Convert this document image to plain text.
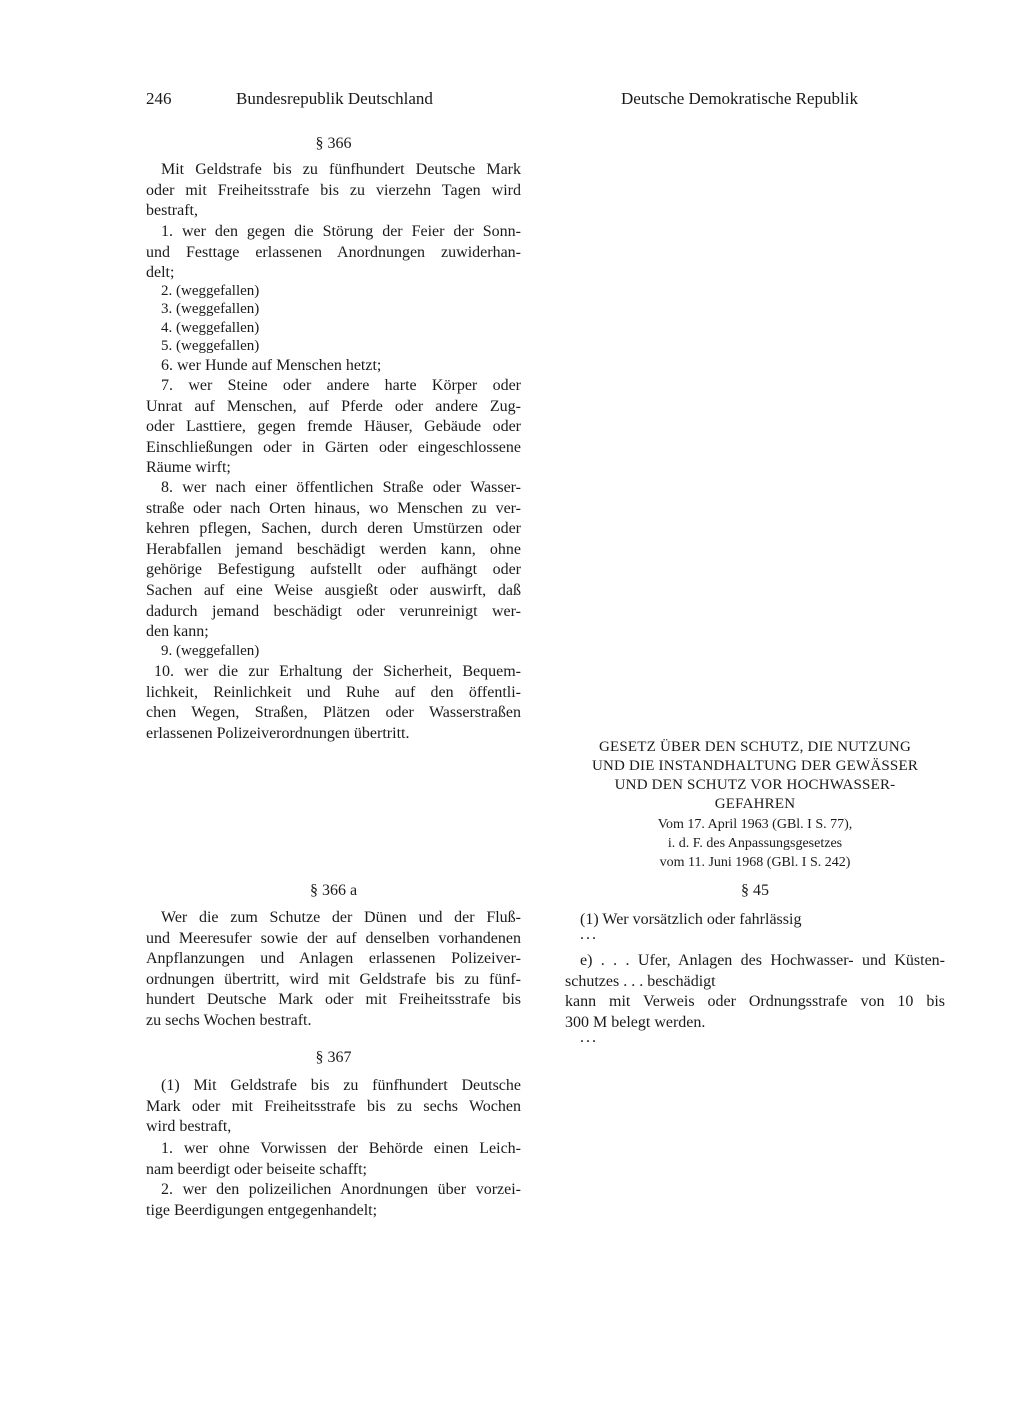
246	Bundesrepublik Deutschland	Deutsche Demokratische Republik
§ 366
Mit Geldstrafe bis zu fünfhundert Deutsche Mark
oder mit Freiheitsstrafe bis zu vierzehn Tagen wird
bestraft,
1. wer den gegen die Störung der Feier der Sonn-
und Festtage erlassenen Anordnungen zuwiderhan-
delt;
2. (weggefallen)
3. (weggefallen)
4. (weggefallen)
5. (weggefallen)
6. wer Hunde auf Menschen hetzt;
7. wer Steine oder andere harte Körper oder
Unrat auf Menschen, auf Pferde oder andere Zug-
oder Lasttiere, gegen fremde Häuser, Gebäude oder
Einschließungen oder in Gärten oder eingeschlossene
Räume wirft;
8. wer nach einer öffentlichen Straße oder Wasser-
straße oder nach Orten hinaus, wo Menschen zu ver-
kehren pflegen, Sachen, durch deren Umstürzen oder
Herabfallen jemand beschädigt werden kann, ohne
gehörige Befestigung aufstellt oder aufhängt oder
Sachen auf eine Weise ausgießt oder auswirft, daß
dadurch jemand beschädigt oder verunreinigt wer-
den kann;
9. (weggefallen)
10. wer die zur Erhaltung der Sicherheit, Bequem-
lichkeit, Reinlichkeit und Ruhe auf den öffentli-
chen Wegen, Straßen, Plätzen oder Wasserstraßen
erlassenen Polizeiverordnungen übertritt.
§ 366 a
Wer die zum Schutze der Dünen und der Fluß-
und Meeresufer sowie der auf denselben vorhandenen
Anpflanzungen und Anlagen erlassenen Polizeiver-
ordnungen übertritt, wird mit Geldstrafe bis zu fünf-
hundert Deutsche Mark oder mit Freiheitsstrafe bis
zu sechs Wochen bestraft.
§ 367
(1) Mit Geldstrafe bis zu fünfhundert Deutsche
Mark oder mit Freiheitsstrafe bis zu sechs Wochen
wird bestraft,
1. wer ohne Vorwissen der Behörde einen Leich-
nam beerdigt oder beiseite schafft;
2. wer den polizeilichen Anordnungen über vorzei-
tige Beerdigungen entgegenhandelt;
GESETZ ÜBER DEN SCHUTZ, DIE NUTZUNG
UND DIE INSTANDHALTUNG DER GEWÄSSER
UND DEN SCHUTZ VOR HOCHWASSER-
GEFAHREN
Vom 17. April 1963 (GBl. I S. 77),
i. d. F. des Anpassungsgesetzes
vom 11. Juni 1968 (GBl. I S. 242)
§ 45
(1) Wer vorsätzlich oder fahrlässig
...
e) . . . Ufer, Anlagen des Hochwasser- und Küsten-
schutzes . . . beschädigt
kann mit Verweis oder Ordnungsstrafe von 10 bis
300 M belegt werden.
...
